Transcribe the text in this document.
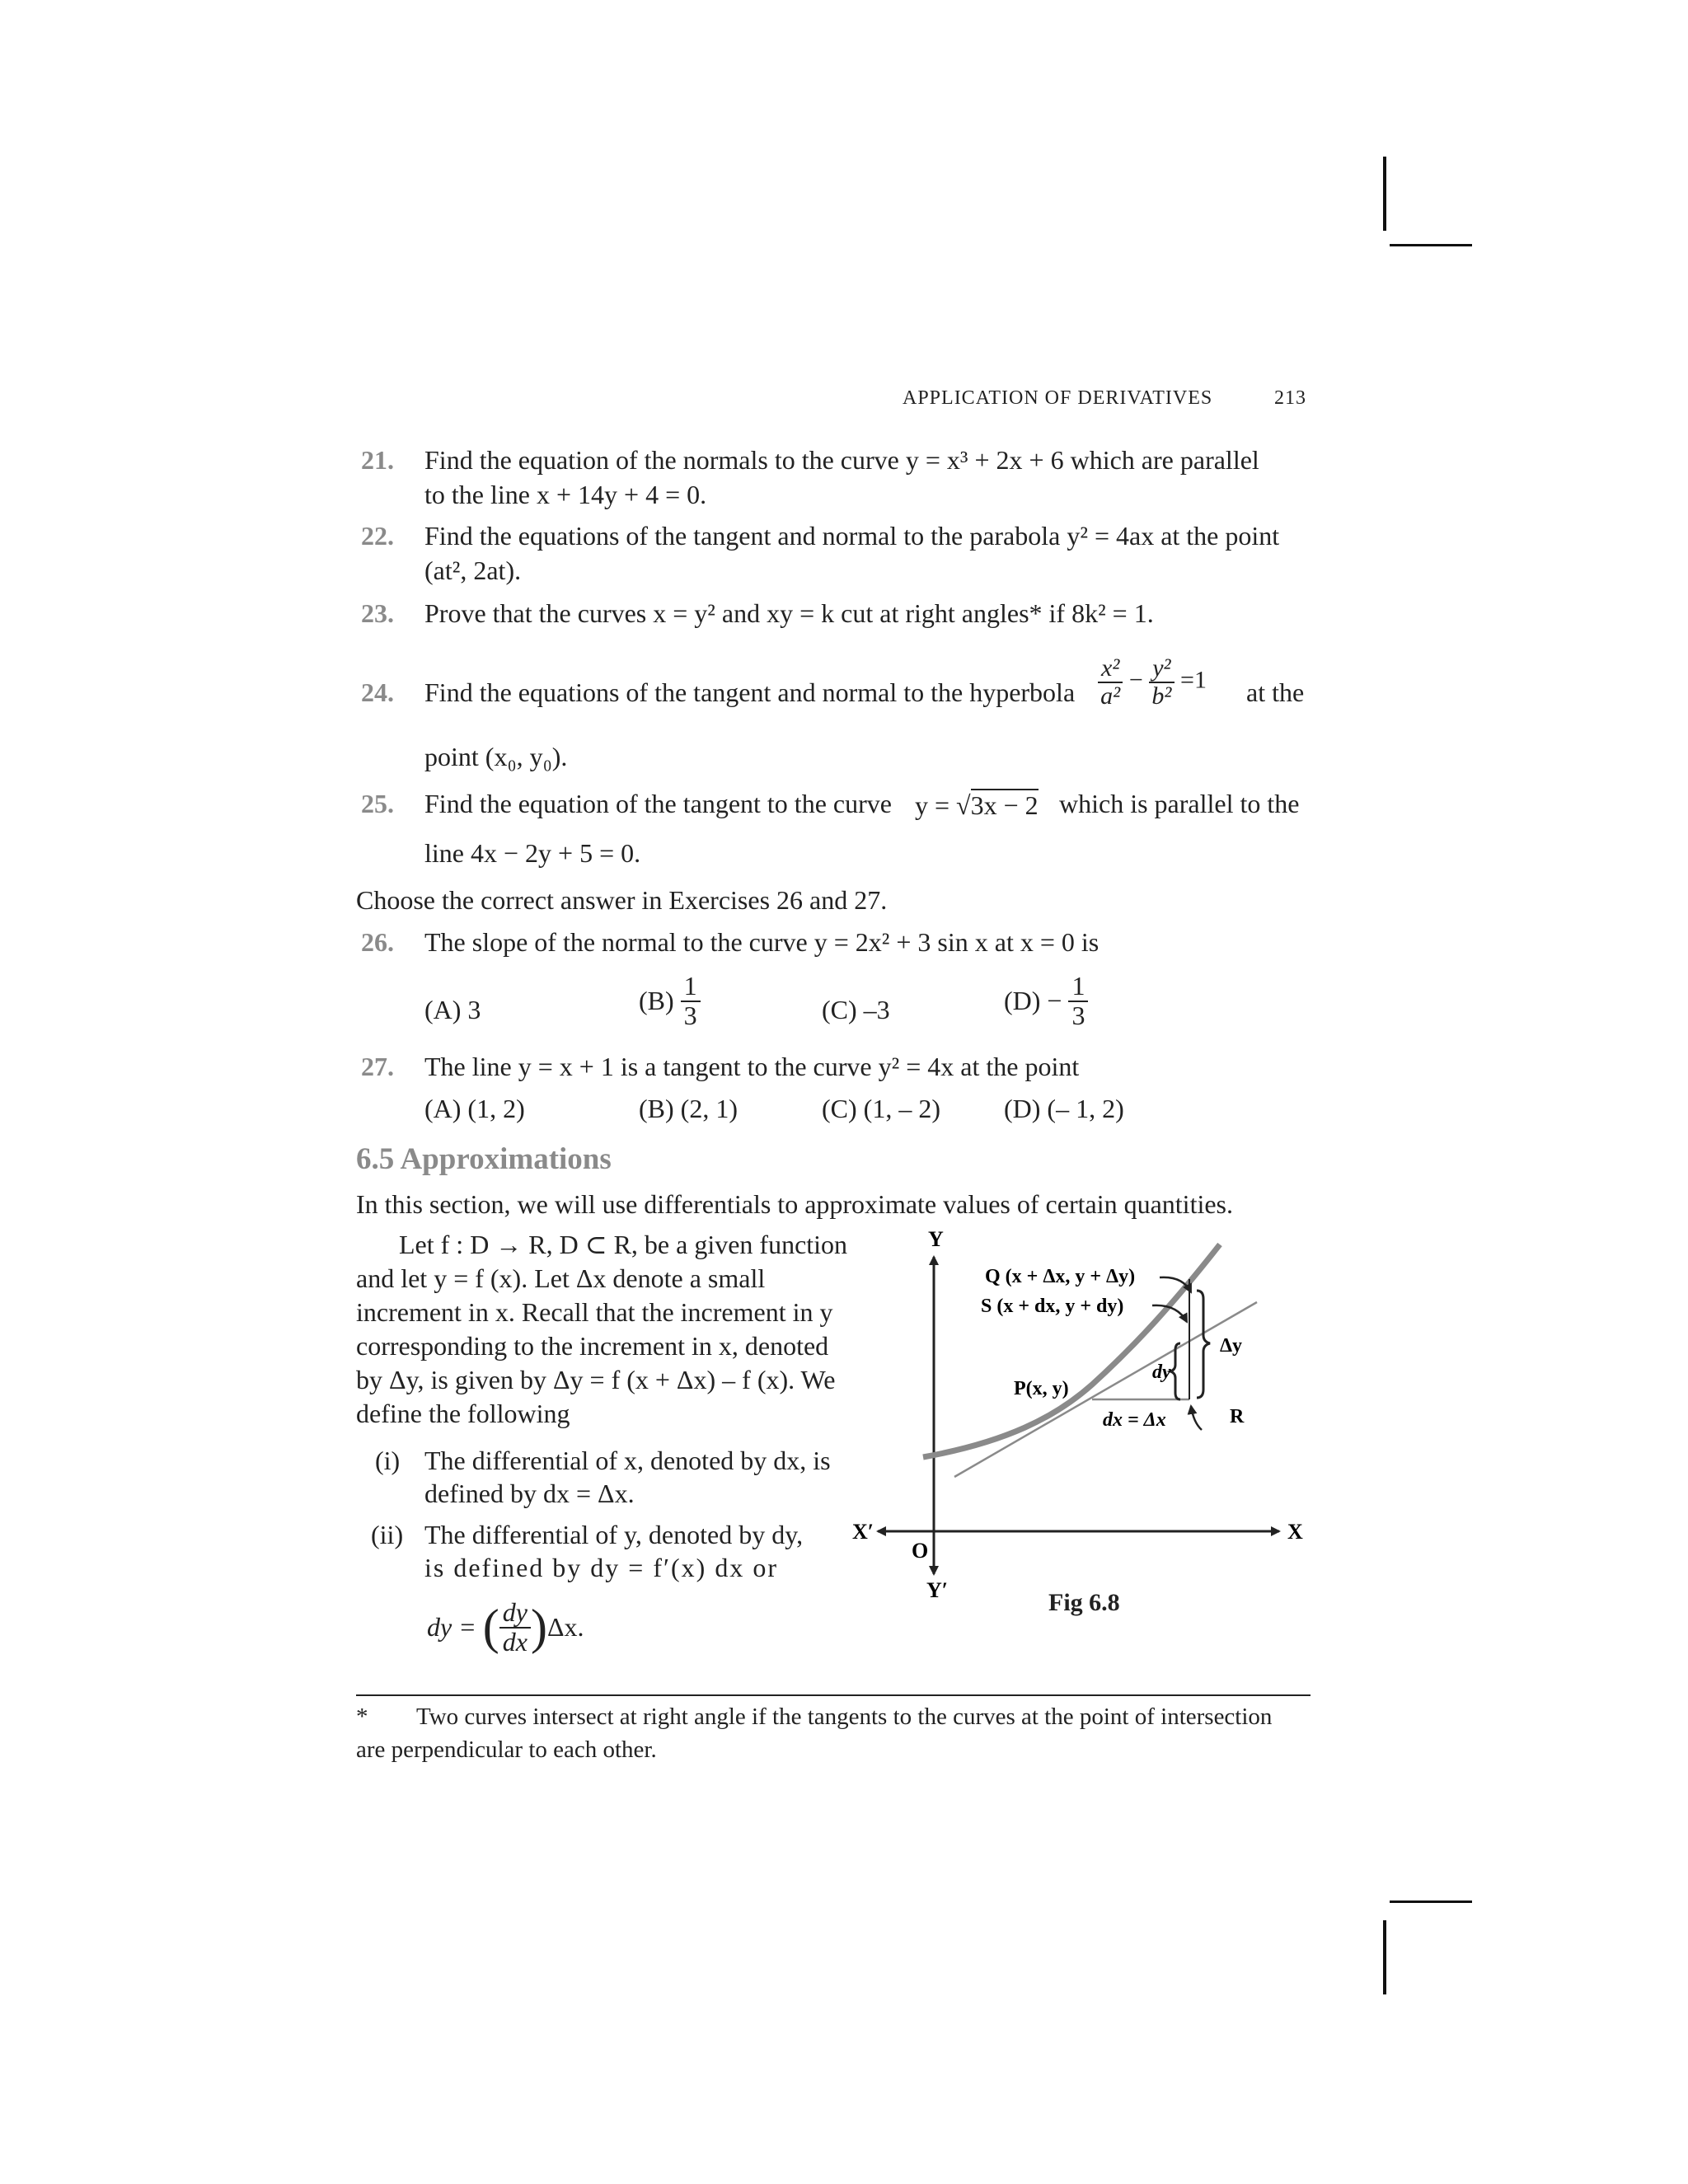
APPLICATION OF DERIVATIVES	213
21. Find the equation of the normals to the curve y = x³ + 2x + 6 which are parallel
to the line x + 14y + 4 = 0.
22. Find the equations of the tangent and normal to the parabola y² = 4ax at the point
(at², 2at).
23. Prove that the curves x = y² and xy = k cut at right angles* if 8k² = 1.
24. Find the equations of the tangent and normal to the hyperbola $\frac{\text{x²}}{\text{a²}} - \frac{\text{y²}}{\text{b²}} =1$ at the
point (x₀, y₀).
25. Find the equation of the tangent to the curve y = √3x − 2 which is parallel to the
line 4x − 2y + 5 = 0.
Choose the correct answer in Exercises 26 and 27.
26. The slope of the normal to the curve y = 2x² + 3 sin x at x = 0 is
(A) 3	$(B) \frac{1}{3}$	(C) –3	$(D) - \frac{1}{3}$
27. The line y = x + 1 is a tangent to the curve y² = 4x at the point
(A) (1, 2)	(B) (2, 1)	(C) (1, – 2) (D) (– 1, 2)
6.5 Approximations
In this section, we will use differentials to approximate values of certain quantities.
Let f : D → R, D ⊂ R, be a given function
and let y = f (x). Let Δx denote a small
increment in x. Recall that the increment in y
corresponding to the increment in x, denoted
by Δy, is given by Δy = f (x + Δx) – f (x). We
define the following
(i) The differential of x, denoted by dx, is
defined by dx = Δx.
(ii) The differential of y, denoted by dy,
is defined by dy = f′(x) dx or
dy = ( $\frac{dy}{dx} )\Delta x$.
Y
Y′
X
X′
O
Q (x + Δx, y + Δy)
S (x + dx, y + dy)
P(x, y)
dy
Δy
dx = Δx	R
Fig 6.8
* Two curves intersect at right angle if the tangents to the curves at the point of intersection
are perpendicular to each other.
